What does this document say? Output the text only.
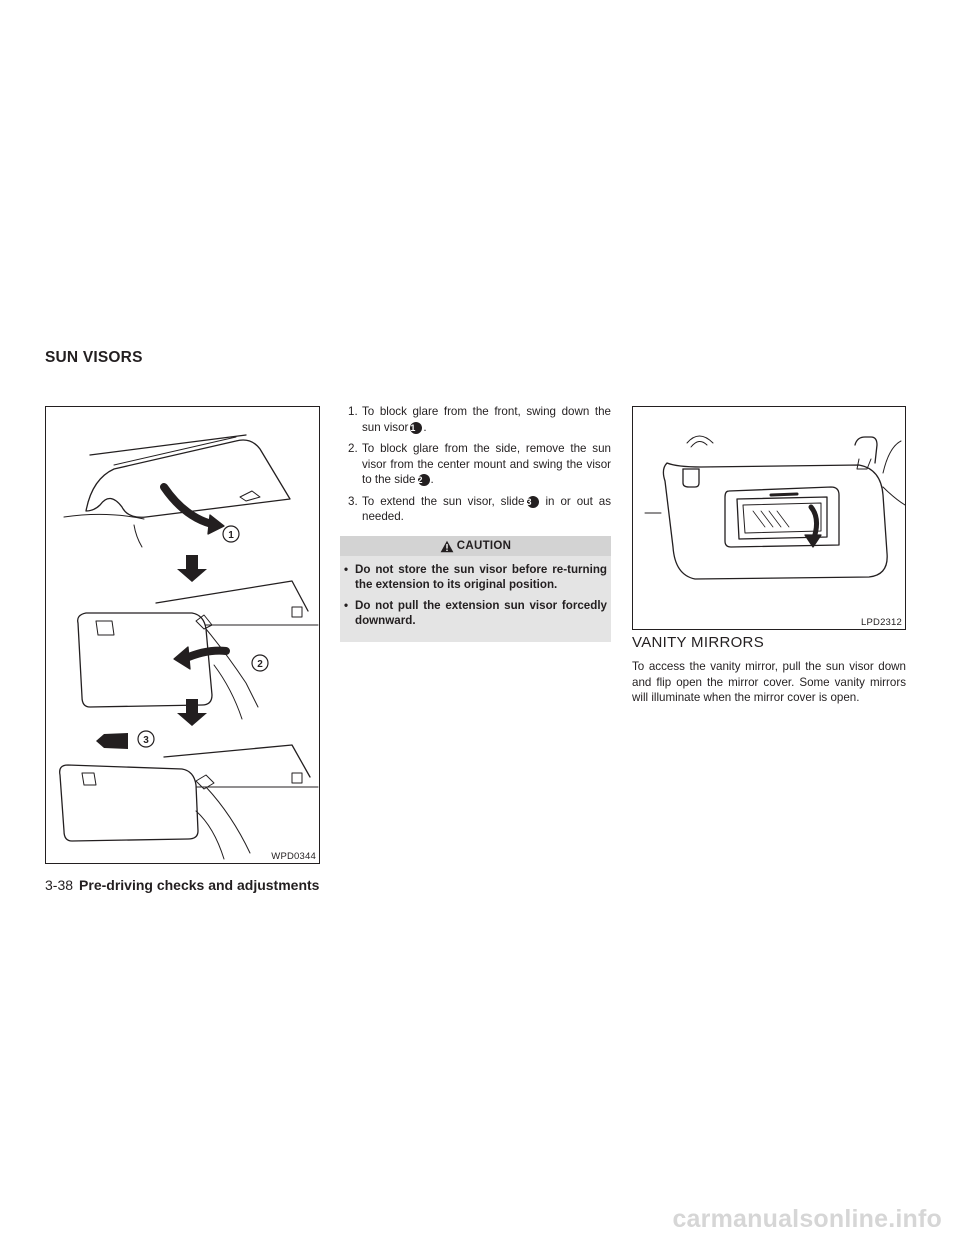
SUN VISORS
1
2
3
WPD0344
1. To block glare from the front, swing down the sun visor 1 .
2. To block glare from the side, remove the sun visor from the center mount and swing the visor to the side 2 .
3. To extend the sun visor, slide 3 in or out as needed.
CAUTION
• Do not store the sun visor before re-turning the extension to its original position.
• Do not pull the extension sun visor forcedly downward.	LPD2312
VANITY MIRRORS

To access the vanity mirror, pull the sun visor down and flip open the mirror cover. Some vanity mirrors will illuminate when the mirror cover is open.

3-38 Pre-driving checks and adjustments
carmanualsonline.info
